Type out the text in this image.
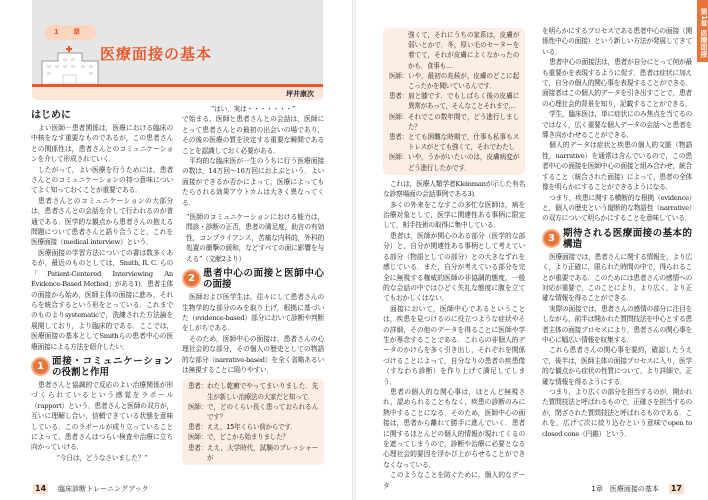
1 章
医療面接の基本
坪井康次
はじめに

よい医師－患者関係は，医療における臨床の中核をなす重要なものであるが，この患者さんとの関係性は，患者さんとのコミュニケーションを介して形成されていく．

したがって，よい医療を行うためには，患者さんとのコミュニケーションの持つ意味についてよく知っておくことが重要である．

患者さんとのコミュニケーションの大部分は，患者さんとの会話を介して行われるのが普通である．医学的な観点から患者さんの抱える問題について患者さんと語り合うこと，これを医療面接（medical interview）という．

医療面接の学習方法についての書は数多くあるが，最近のものとしては，Smith, R. C. らの「Patient-Centered Interviewing An Evidence-Based Method」がある1)．患者主体の面接から始め，医師主体の面接に進み，それらを統合するという形をとっている．これまでのものよりsystematicで，洗練された方法論を展開しており，より臨床的である．ここでは，医療面接の基本としてSmithらの患者中心の医療面接による方法を紹介したい．

1 面接・コミュニケーションの役割と作用

患者さんと協調的で反応のよい治療関係が形づくられているという感覚をラポール（rapport）という．患者さんと医師の双方が，互いに理解し合い，信頼できている状態を意味している．このラポールが成り立っていることによって，患者さんはつらい検査や治療に立ち向かっていける．

“今日は，どうなさいました？”

“はい，実は・・・・・・・”

で始まる，医師と患者さんとの会話は，医師にとって患者さんとの最初の出会いの場であり，その後の医療の質を決定する重要な瞬間であることを認識しておく必要がある．

平均的な臨床医が一生のうちに行う医療面接の数は，14万回～16万回におよぶという．よい面接ができるか否かによって，医療によってもたらされる効果アウトカムは大きく異なってくる．

“医師のコミュニケーションにおける能力は，問診・診断の正否，患者の満足度，助言の有効性，コンプライアンス，苦痛な内科的，外科的処置の衝撃の緩和，などすべての面に影響を与える”（文献2より）

2 患者中心の面接と医師中心の面接

医師および医学生は，往々にして患者さんの生物学的な部分のみを取り上げ，根拠に基づいた（evidence-based）部分において診断や判断をしがちである．

そのため，医師中心の面接は，患者さんの心理社会的な部分，その個人の歴史としての物語的な部分（narrative-based）を全く省略あるいは無視することに陥りやすい．

患者： わたし乾癬でやってまいりました．先生が新しい治療法の大家だと知って．
医師： で，どのくらい長く患っておられるんです？
患者： ええ，15年くらい前からです．
医師： で，どこから始まりました？
患者： ええ，大学時代，試験のプレッシャーが
14 臨床診断トレーニングブック
第1章 医療面接
強くて，それにうちの家系は，皮膚が弱いとかで．冬，厚い毛のセーターを着てて，それが皮膚によくなかったのかも．食事も…
医師： いや，最初の兆候が，皮膚のどこに起こったかを聞いているんです．
患者： 肩と膝です．でもしばらく後の皮膚に異常があって，そんなことそれまで…
医師： それでこの数年間で，どう進行しました？
患者： とても困難な時期で，仕事も私事もストレスがとても強くて，それでわたし
医師： いや，うかがいたいのは，皮膚病変がどう進行したかです．

これは，医療人類学者Kleinmanが示した有名な診察場面の会話事例である3)．

多くの外来をこなすこの多忙な医師は，病を治療対象として，医学に関連性ある事柄に限定して，相手技術の取得に集中している．

患者は，医師が関心のある部分（医学的な部分）と，自分が関連性ある事柄として考えている部分（物語としての部分）との大きなずれを感じている．また，自分が考えている部分を完全に無視する権威的医師の非協調的態度，一般的な会話の中ではひどく失礼な態度に腹を立ててもおかしくはない．

面接において，医師中心であるということは，疾患を見つけるのに役立つような症状やその詳細，その他のデータを得ることに医師や学生が専念することである．これらの非個人的データのかけらを多く引き出し，それぞれを関係づけることによって，自分なりの患者の疾患像（すなわち診断）を作り上げて満足してしまう．

患者の個人的な関心事は，ほとんど無視され，認められることもなく，疾患の診断のみに熱中することになる．そのため，医師中心の面接は，患者から離れて勝手に進んでいく．患者に関するほとんどの個人的情報が現れてくるのを遮ってしまうので，診断や治療に必要となる心理社会的要因を浮かび上がらせることができなくなっている．

このようなことを防ぐために，個人的なデータ

を明らかにするプロセスである患者中心の面接（関係性中心の面接）という新しい方法が発展してきている．

患者中心の面接法は，患者が自分にとって何が最も重要かを表現するように促す．患者は症状に加えて，自分の個人的関心事を表現することができる．面接者はこの個人的データを引き出すことで，患者の心理社会的背景を知り，記載することができる．

学生，臨床医は，単に症状にのみ焦点を当てるのではなく，広く重要な個人データの会話へと患者を導き向かわせることができる．

個人的データは症状と疾患の個人的文脈（物語性，narrative）を通常は含んでいるので，この患者中心の面接を医師中心の面接と組み合わせ，統合すること（統合された面接）によって，患者の全体像を明らかにすることができるようになる．

つまり，疾患に関する横断的な根拠（evidence）と，個人の歴史という縦断的な物語性（narrative）の双方について明らかにすることを意味している．

3 期待される医療面接の基本的構造

医療面接では，患者さんに関する情報を，より広く，より正確に，限られた時間の中で，得られることが重要である．このためには患者さんの感情への対応が重要で，このことにより，より広く，より正確な情報を得ることができる．

実際の面接では，患者さんの感情の部分に注目をしながら，前半は開かれた質問技法を中心とする患者主体の面接プロセスにより，患者さんの関心事を中心に幅広い情報を収集する．

これら患者さんの関心事を要約，確認したうえで，後半は，医師主体の面接プロセスに入り，医学的な観点から症状の性質について，より詳細で，正確な情報を得るようにする．

つまり，より広くの部分を担当するのが，開かれた質問技法と呼ばれるもので，正確さを担当するのが，閉ざされた質問技法と呼ばれるものである．これを，広げて次に絞り込むという意味でopen to closed cone（円錐）という．

1章　医療面接の基本 17
